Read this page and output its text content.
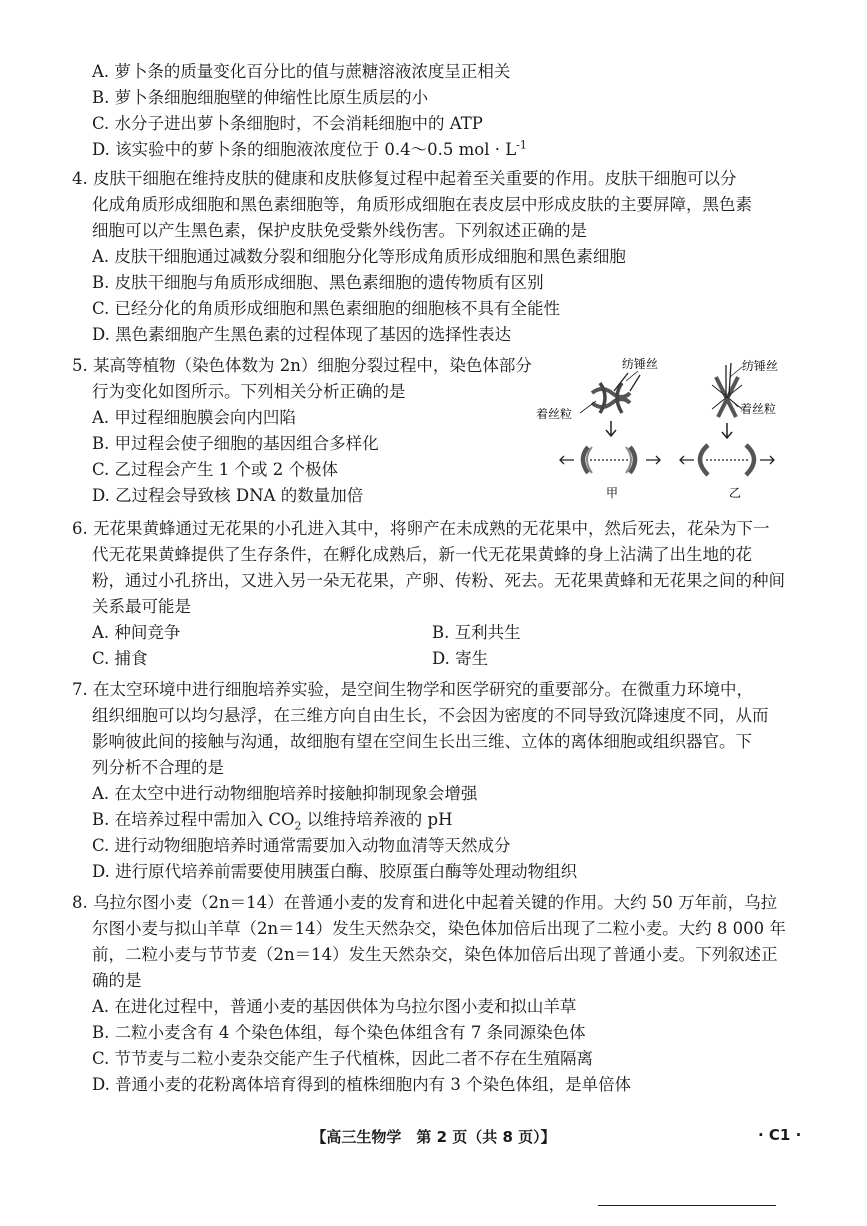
A. 萝卜条的质量变化百分比的值与蔗糖溶液浓度呈正相关
B. 萝卜条细胞细胞壁的伸缩性比原生质层的小
C. 水分子进出萝卜条细胞时，不会消耗细胞中的 ATP
D. 该实验中的萝卜条的细胞液浓度位于 0.4～0.5 mol · $L^{-1}$
4. 皮肤干细胞在维持皮肤的健康和皮肤修复过程中起着至关重要的作用。皮肤干细胞可以分
化成角质形成细胞和黑色素细胞等，角质形成细胞在表皮层中形成皮肤的主要屏障，黑色素
细胞可以产生黑色素，保护皮肤免受紫外线伤害。下列叙述正确的是
A. 皮肤干细胞通过减数分裂和细胞分化等形成角质形成细胞和黑色素细胞
B. 皮肤干细胞与角质形成细胞、黑色素细胞的遗传物质有区别
C. 已经分化的角质形成细胞和黑色素细胞的细胞核不具有全能性
D. 黑色素细胞产生黑色素的过程体现了基因的选择性表达
5. 某高等植物（染色体数为 2n）细胞分裂过程中，染色体部分
行为变化如图所示。下列相关分析正确的是
A. 甲过程细胞膜会向内凹陷
B. 甲过程会使子细胞的基因组合多样化
C. 乙过程会产生 1 个或 2 个极体
D. 乙过程会导致核 DNA 的数量加倍
纺锤丝
着丝粒
纺锤丝
着丝粒
甲	乙
6. 无花果黄蜂通过无花果的小孔进入其中，将卵产在未成熟的无花果中，然后死去，花朵为下一
代无花果黄蜂提供了生存条件，在孵化成熟后，新一代无花果黄蜂的身上沾满了出生地的花
粉，通过小孔挤出，又进入另一朵无花果，产卵、传粉、死去。无花果黄蜂和无花果之间的种间
关系最可能是
A. 种间竞争	B. 互利共生
C. 捕食	D. 寄生
7. 在太空环境中进行细胞培养实验，是空间生物学和医学研究的重要部分。在微重力环境中，
组织细胞可以均匀悬浮，在三维方向自由生长，不会因为密度的不同导致沉降速度不同，从而
影响彼此间的接触与沟通，故细胞有望在空间生长出三维、立体的离体细胞或组织器官。下
列分析不合理的是
A. 在太空中进行动物细胞培养时接触抑制现象会增强
B. 在培养过程中需加入 $CO_2$ 以维持培养液的 pH
C. 进行动物细胞培养时通常需要加入动物血清等天然成分
D. 进行原代培养前需要使用胰蛋白酶、胶原蛋白酶等处理动物组织
8. 乌拉尔图小麦（2n＝14）在普通小麦的发育和进化中起着关键的作用。大约 50 万年前，乌拉
尔图小麦与拟山羊草（2n＝14）发生天然杂交，染色体加倍后出现了二粒小麦。大约 8 000 年
前，二粒小麦与节节麦（2n＝14）发生天然杂交，染色体加倍后出现了普通小麦。下列叙述正
确的是
A. 在进化过程中，普通小麦的基因供体为乌拉尔图小麦和拟山羊草
B. 二粒小麦含有 4 个染色体组，每个染色体组含有 7 条同源染色体
C. 节节麦与二粒小麦杂交能产生子代植株，因此二者不存在生殖隔离
D. 普通小麦的花粉离体培育得到的植株细胞内有 3 个染色体组，是单倍体
【高三生物学　第 2 页（共 8 页）】	· C1 ·
